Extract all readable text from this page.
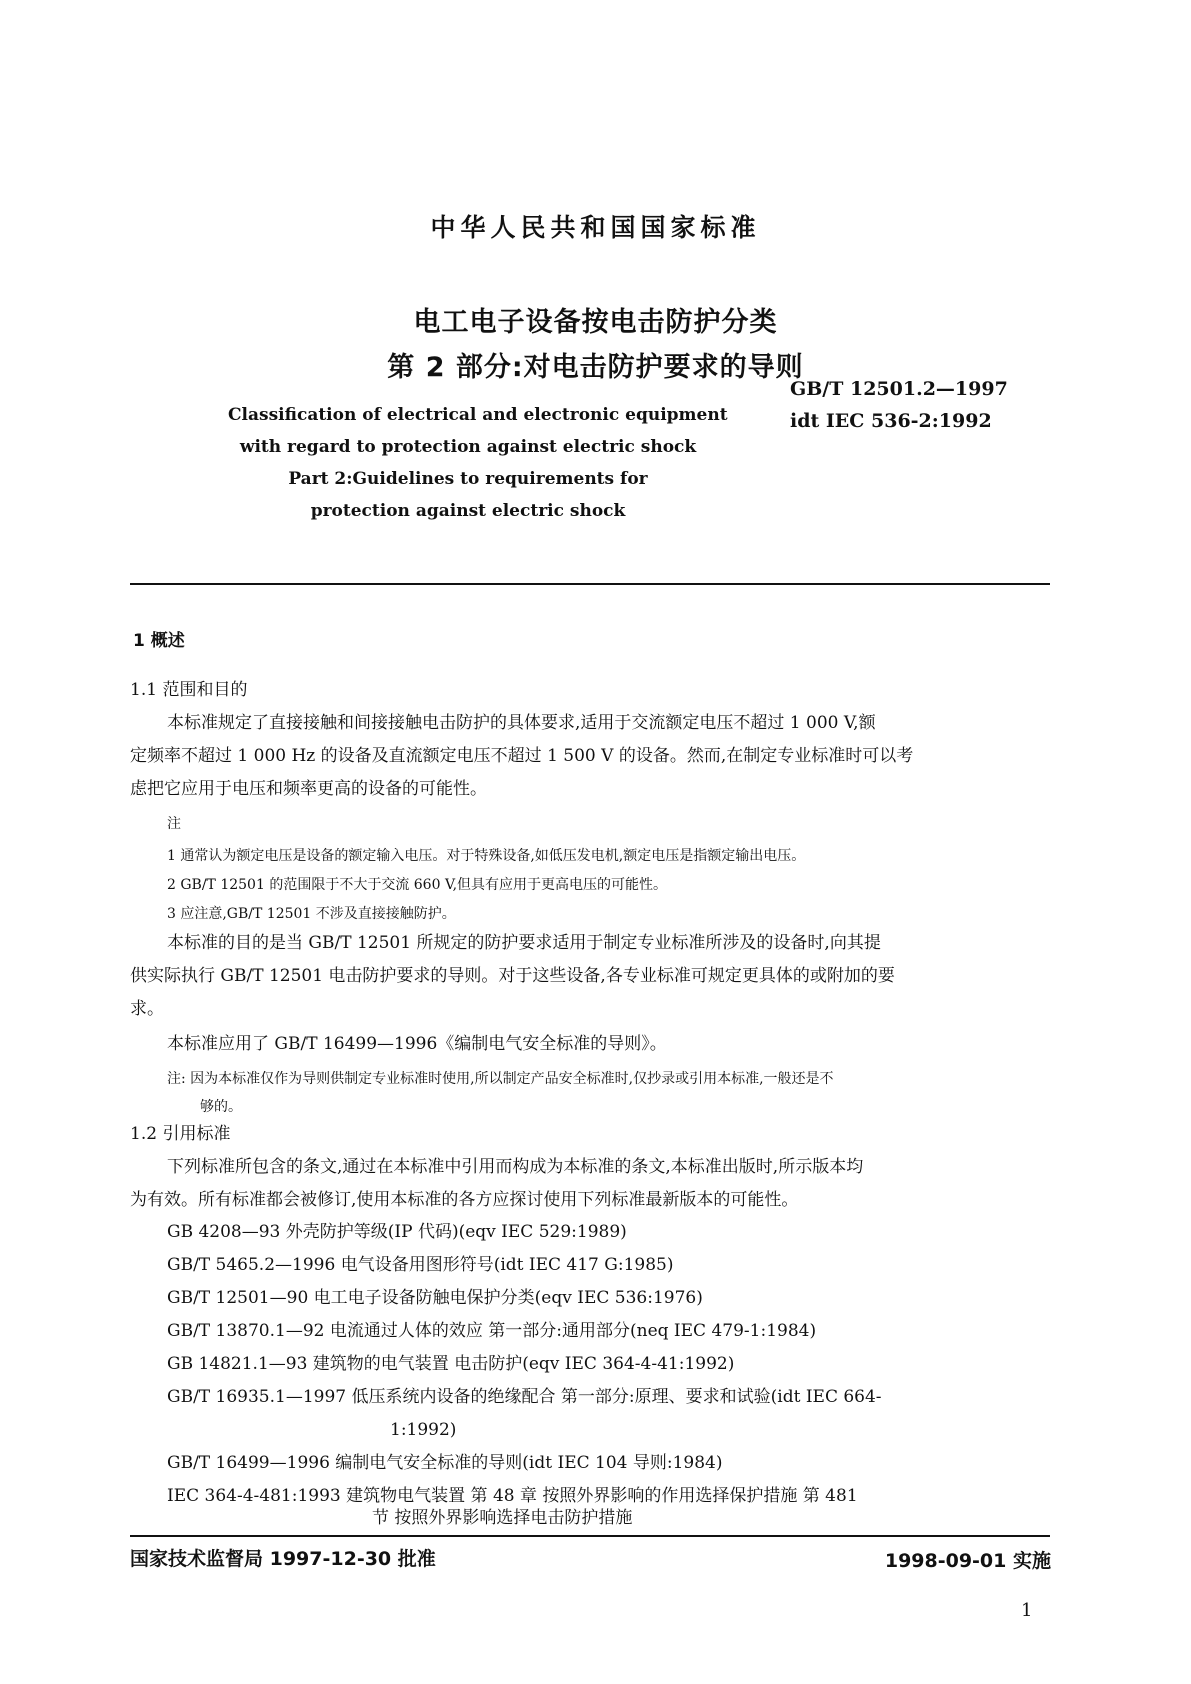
中华人民共和国国家标准
电工电子设备按电击防护分类
第 2 部分:对电击防护要求的导则
GB/T 12501.2—1997
idt IEC 536-2:1992
Classification of electrical and electronic equipment
with regard to protection against electric shock
Part 2:Guidelines to requirements for
protection against electric shock
1 概述
1.1 范围和目的
本标准规定了直接接触和间接接触电击防护的具体要求,适用于交流额定电压不超过 1 000 V,额
定频率不超过 1 000 Hz 的设备及直流额定电压不超过 1 500 V 的设备。然而,在制定专业标准时可以考
虑把它应用于电压和频率更高的设备的可能性。
注
1 通常认为额定电压是设备的额定输入电压。对于特殊设备,如低压发电机,额定电压是指额定输出电压。
2 GB/T 12501 的范围限于不大于交流 660 V,但具有应用于更高电压的可能性。
3 应注意,GB/T 12501 不涉及直接接触防护。
本标准的目的是当 GB/T 12501 所规定的防护要求适用于制定专业标准所涉及的设备时,向其提
供实际执行 GB/T 12501 电击防护要求的导则。对于这些设备,各专业标准可规定更具体的或附加的要
求。
本标准应用了 GB/T 16499—1996《编制电气安全标准的导则》。
注: 因为本标准仅作为导则供制定专业标准时使用,所以制定产品安全标准时,仅抄录或引用本标准,一般还是不
够的。
1.2 引用标准
下列标准所包含的条文,通过在本标准中引用而构成为本标准的条文,本标准出版时,所示版本均
为有效。所有标准都会被修订,使用本标准的各方应探讨使用下列标准最新版本的可能性。
GB 4208—93 外壳防护等级(IP 代码)(eqv IEC 529:1989)
GB/T 5465.2—1996 电气设备用图形符号(idt IEC 417 G:1985)
GB/T 12501—90 电工电子设备防触电保护分类(eqv IEC 536:1976)
GB/T 13870.1—92 电流通过人体的效应 第一部分:通用部分(neq IEC 479-1:1984)
GB 14821.1—93 建筑物的电气装置 电击防护(eqv IEC 364-4-41:1992)
GB/T 16935.1—1997 低压系统内设备的绝缘配合 第一部分:原理、要求和试验(idt IEC 664-
1:1992)
GB/T 16499—1996 编制电气安全标准的导则(idt IEC 104 导则:1984)
IEC 364-4-481:1993 建筑物电气装置 第 48 章 按照外界影响的作用选择保护措施 第 481
节 按照外界影响选择电击防护措施
国家技术监督局 1997-12-30 批准	1998-09-01 实施
1
